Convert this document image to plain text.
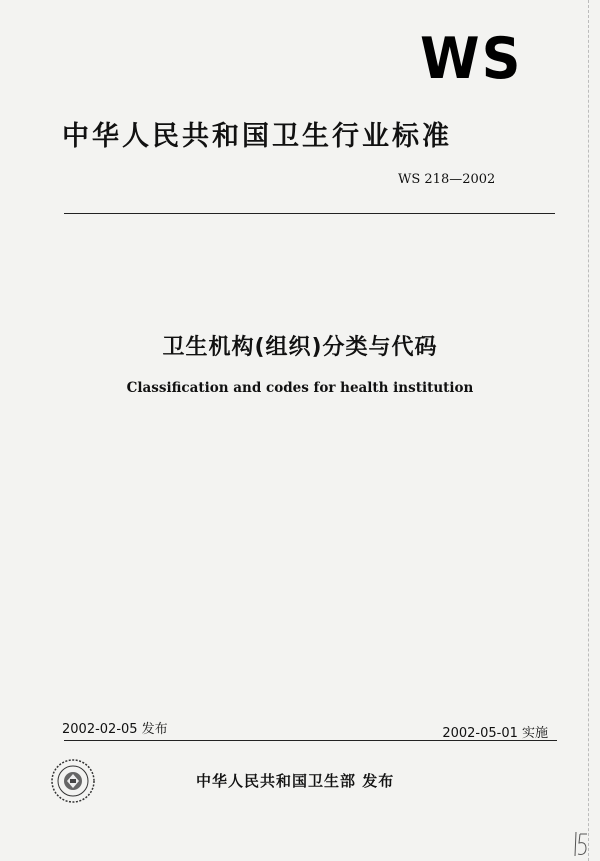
WS
中华人民共和国卫生行业标准
WS 218—2002
卫生机构(组织)分类与代码
Classification and codes for health institution
2002-02-05 发布	2002-05-01 实施
中华人民共和国卫生部 发布
